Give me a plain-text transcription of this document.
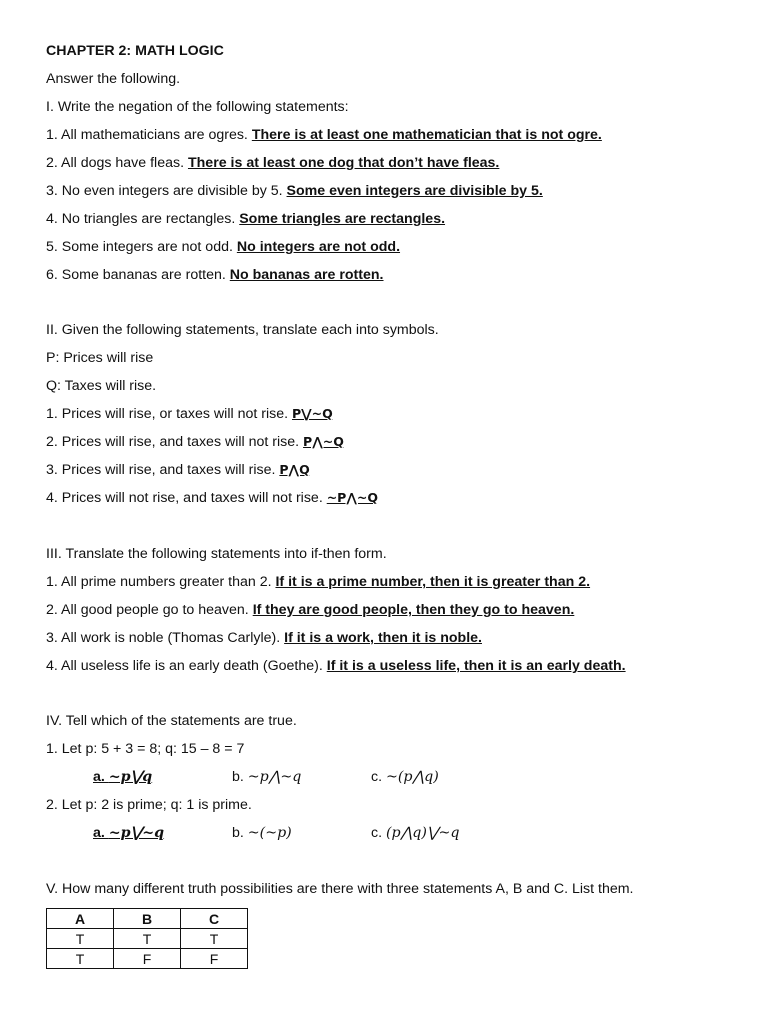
CHAPTER 2: MATH LOGIC
Answer the following.
I. Write the negation of the following statements:
1. All mathematicians are ogres. There is at least one mathematician that is not ogre.
2. All dogs have fleas. There is at least one dog that don’t have fleas.
3. No even integers are divisible by 5. Some even integers are divisible by 5.
4. No triangles are rectangles. Some triangles are rectangles.
5. Some integers are not odd. No integers are not odd.
6. Some bananas are rotten. No bananas are rotten.
II. Given the following statements, translate each into symbols.
P: Prices will rise
Q: Taxes will rise.
1. Prices will rise, or taxes will not rise. P⋁~Q
2. Prices will rise, and taxes will not rise. P⋀~Q
3. Prices will rise, and taxes will rise. P⋀Q
4. Prices will not rise, and taxes will not rise. ~P⋀~Q
III. Translate the following statements into if-then form.
1. All prime numbers greater than 2. If it is a prime number, then it is greater than 2.
2. All good people go to heaven. If they are good people, then they go to heaven.
3. All work is noble (Thomas Carlyle). If it is a work, then it is noble.
4. All useless life is an early death (Goethe). If it is a useless life, then it is an early death.
IV. Tell which of the statements are true.
1. Let p: 5 + 3 = 8; q: 15 – 8 = 7
a. ~p⋁q	b. ~p⋀~q	c. ~(p⋀q)
2. Let p: 2 is prime; q: 1 is prime.
a. ~p⋁~q	b. ~(~p)	c. (p⋀q)⋁~q
V. How many different truth possibilities are there with three statements A, B and C. List them.
A	B	C
T	T	T
T	F	F
